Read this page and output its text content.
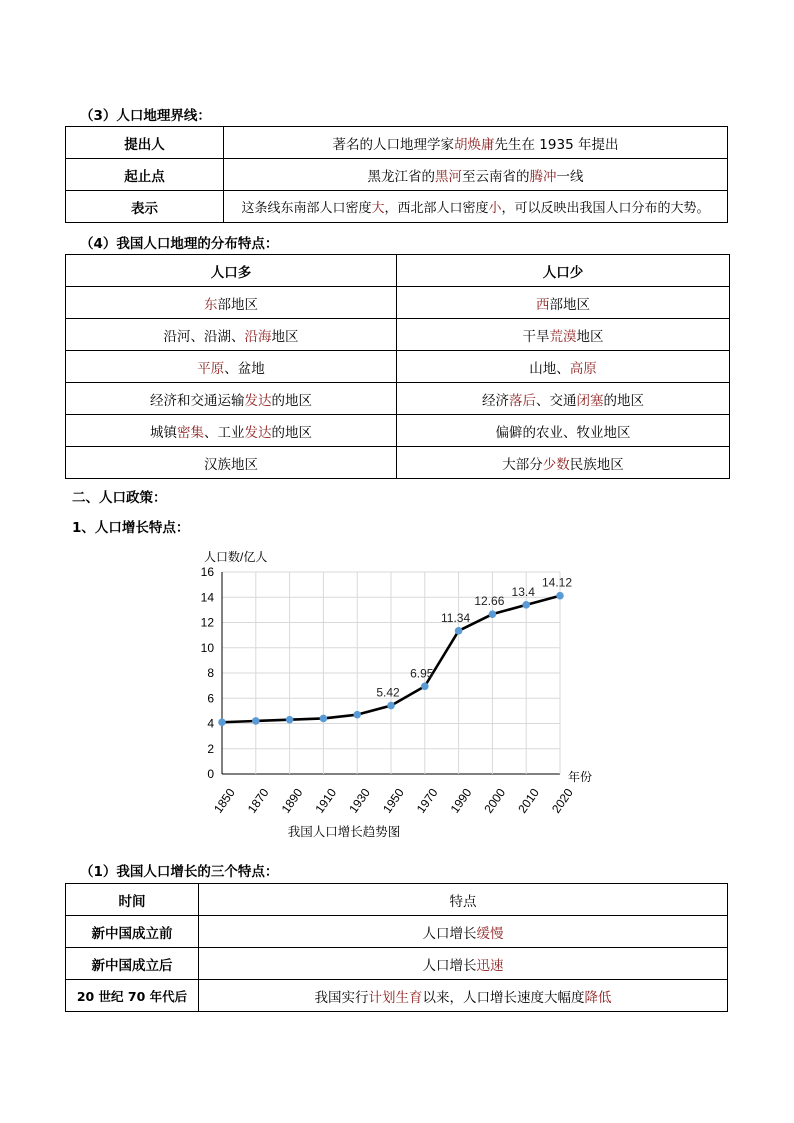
（3）人口地理界线：
提出人	著名的人口地理学家胡焕庸先生在 1935 年提出
起止点	黑龙江省的黑河至云南省的腾冲一线
表示	这条线东南部人口密度大，西北部人口密度小，可以反映出我国人口分布的大势。
（4）我国人口地理的分布特点：
人口多	人口少
东部地区	西部地区
沿河、沿湖、沿海地区	干旱荒漠地区
平原、盆地	山地、高原
经济和交通运输发达的地区	经济落后、交通闭塞的地区
城镇密集、工业发达的地区	偏僻的农业、牧业地区
汉族地区	大部分少数民族地区
二、人口政策：
1、人口增长特点：
0
2
4
6
8
10
12
14
16
1850 1870 1890 1910 1930 1950 1970 1990 2000 2010 2020
5.42
6.95
11.34
12.66
13.4
14.12
人口数/亿人
年份
我国人口增长趋势图
（1）我国人口增长的三个特点：
时间	特点
新中国成立前	人口增长缓慢
新中国成立后	人口增长迅速
20 世纪 70 年代后	我国实行计划生育以来，人口增长速度大幅度降低
